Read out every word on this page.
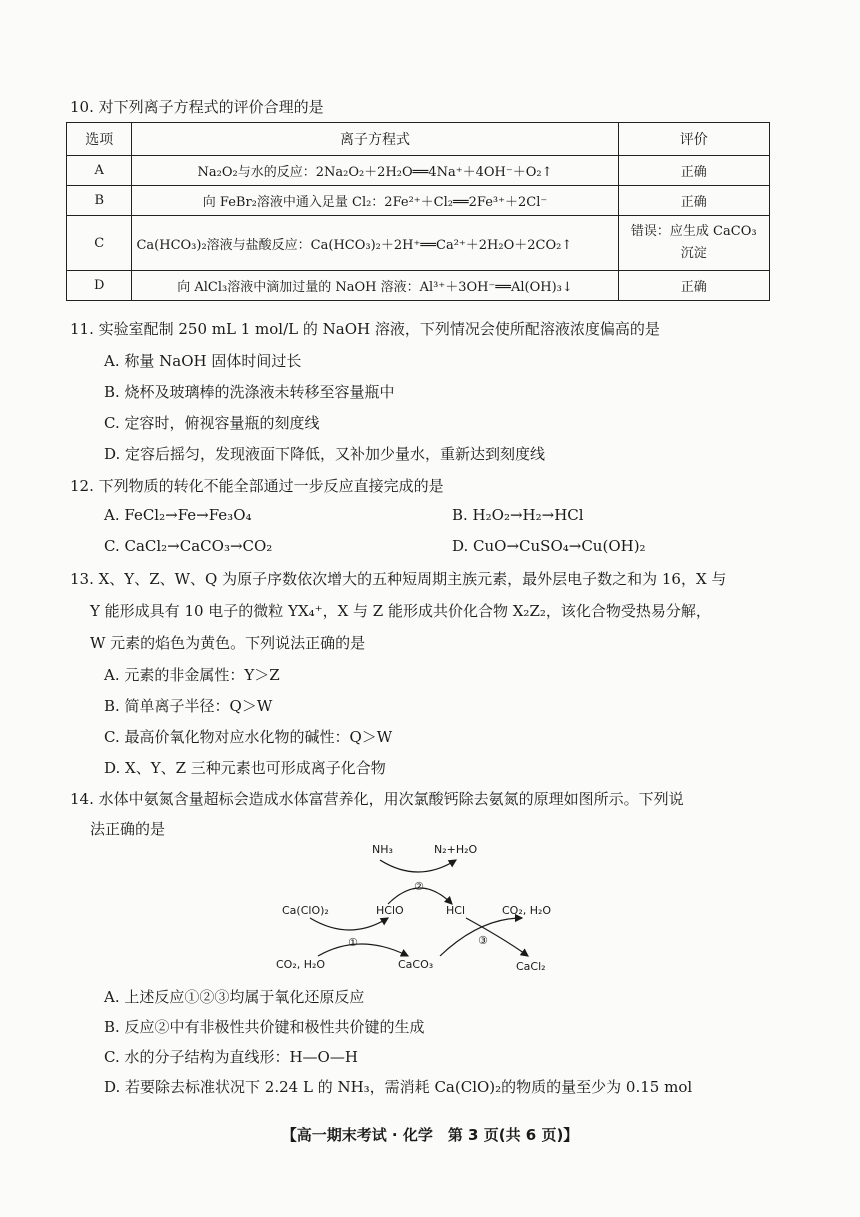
10. 对下列离子方程式的评价合理的是
选项	离子方程式	评价
A	Na₂O₂与水的反应：2Na₂O₂＋2H₂O══4Na⁺＋4OH⁻＋O₂↑	正确
B	向 FeBr₂溶液中通入足量 Cl₂：2Fe²⁺＋Cl₂══2Fe³⁺＋2Cl⁻	正确
C	Ca(HCO₃)₂溶液与盐酸反应：Ca(HCO₃)₂＋2H⁺══Ca²⁺＋2H₂O＋2CO₂↑	错误：应生成 CaCO₃ 沉淀
D	向 AlCl₃溶液中滴加过量的 NaOH 溶液：Al³⁺＋3OH⁻══Al(OH)₃↓	正确
11. 实验室配制 250 mL 1 mol/L 的 NaOH 溶液，下列情况会使所配溶液浓度偏高的是
A. 称量 NaOH 固体时间过长
B. 烧杯及玻璃棒的洗涤液未转移至容量瓶中
C. 定容时，俯视容量瓶的刻度线
D. 定容后摇匀，发现液面下降低，又补加少量水，重新达到刻度线
12. 下列物质的转化不能全部通过一步反应直接完成的是
A. FeCl₂→Fe→Fe₃O₄	B. H₂O₂→H₂→HCl
C. CaCl₂→CaCO₃→CO₂	D. CuO→CuSO₄→Cu(OH)₂
13. X、Y、Z、W、Q 为原子序数依次增大的五种短周期主族元素，最外层电子数之和为 16，X 与
Y 能形成具有 10 电子的微粒 YX₄⁺，X 与 Z 能形成共价化合物 X₂Z₂，该化合物受热易分解，
W 元素的焰色为黄色。下列说法正确的是
A. 元素的非金属性：Y＞Z
B. 简单离子半径：Q＞W
C. 最高价氧化物对应水化物的碱性：Q＞W
D. X、Y、Z 三种元素也可形成离子化合物
14. 水体中氨氮含量超标会造成水体富营养化，用次氯酸钙除去氨氮的原理如图所示。下列说
法正确的是
NH₃	N₂+H₂O
②
Ca(ClO)₂	HClO	HCl	CO₂, H₂O
①	③
CO₂, H₂O	CaCO₃	CaCl₂
A. 上述反应①②③均属于氧化还原反应
B. 反应②中有非极性共价键和极性共价键的生成
C. 水的分子结构为直线形：H—O—H
D. 若要除去标准状况下 2.24 L 的 NH₃，需消耗 Ca(ClO)₂的物质的量至少为 0.15 mol
【高一期末考试 · 化学　第 3 页(共 6 页)】
